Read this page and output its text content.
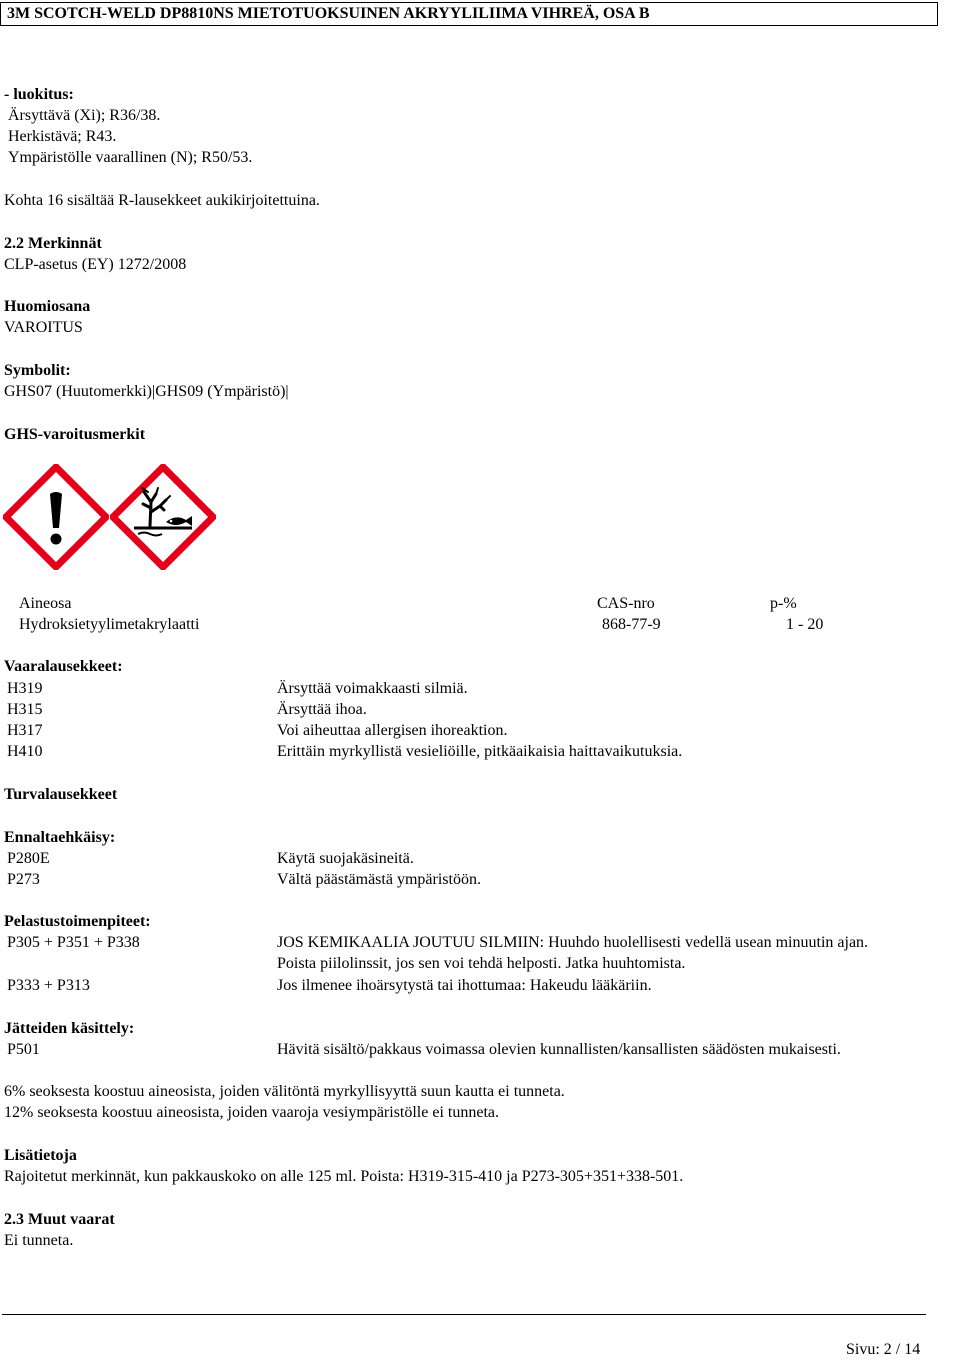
3M SCOTCH-WELD DP8810NS MIETOTUOKSUINEN AKRYYLILIIMA VIHREÄ, OSA B
- luokitus:
Ärsyttävä (Xi); R36/38.
Herkistävä; R43.
Ympäristölle vaarallinen (N); R50/53.
Kohta 16 sisältää R-lausekkeet aukikirjoitettuina.
2.2 Merkinnät
CLP-asetus (EY) 1272/2008
Huomiosana
VAROITUS
Symbolit:
GHS07 (Huutomerkki)|GHS09 (Ympäristö)|
GHS-varoitusmerkit
Aineosa	CAS-nro	p-%
Hydroksietyylimetakrylaatti	868-77-9	1 - 20
Vaaralausekkeet:
H319	Ärsyttää voimakkaasti silmiä.
H315	Ärsyttää ihoa.
H317	Voi aiheuttaa allergisen ihoreaktion.
H410	Erittäin myrkyllistä vesieliöille, pitkäaikaisia haittavaikutuksia.
Turvalausekkeet
Ennaltaehkäisy:
P280E	Käytä suojakäsineitä.
P273	Vältä päästämästä ympäristöön.
Pelastustoimenpiteet:
P305 + P351 + P338	JOS KEMIKAALIA JOUTUU SILMIIN: Huuhdo huolellisesti vedellä usean minuutin ajan.
Poista piilolinssit, jos sen voi tehdä helposti. Jatka huuhtomista.
P333 + P313	Jos ilmenee ihoärsytystä tai ihottumaa: Hakeudu lääkäriin.
Jätteiden käsittely:
P501	Hävitä sisältö/pakkaus voimassa olevien kunnallisten/kansallisten säädösten mukaisesti.
6% seoksesta koostuu aineosista, joiden välitöntä myrkyllisyyttä suun kautta ei tunneta.
12% seoksesta koostuu aineosista, joiden vaaroja vesiympäristölle ei tunneta.
Lisätietoja
Rajoitetut merkinnät, kun pakkauskoko on alle 125 ml. Poista: H319-315-410 ja P273-305+351+338-501.
2.3 Muut vaarat
Ei tunneta.
Sivu: 2 / 14
